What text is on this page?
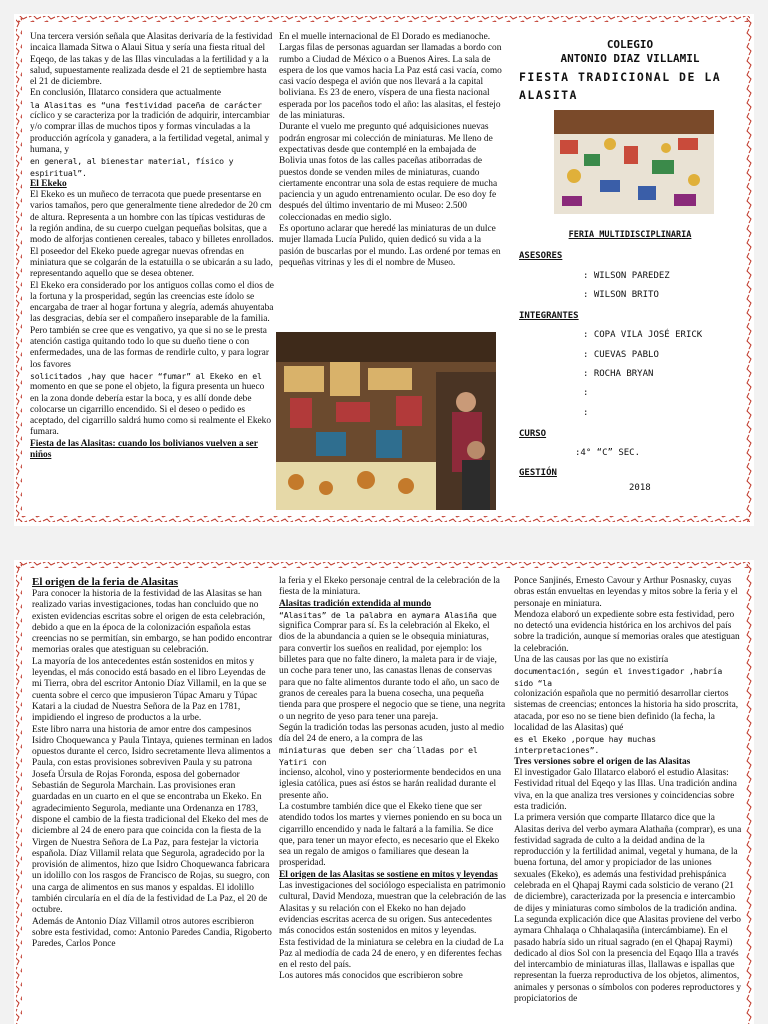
Una tercera versión señala que Alasitas derivaría de la festividad incaica llamada Sitwa o Alaui Situa y sería una fiesta ritual del Eqeqo, de las takas y de las Illas vinculadas a la fertilidad y a la salud, supuestamente realizada desde el 21 de septiembre hasta el 21 de diciembre.

En conclusión, Illatarco considera que actualmente

la Alasitas es “una festividad paceña de carácter

cíclico y se caracteriza por la tradición de adquirir, intercambiar y/o comprar illas de muchos tipos y formas vinculadas a la producción agrícola y ganadera, a la fertilidad vegetal, animal y humana, y

en general, al bienestar material, físico y espiritual”.

El Ekeko

El Ekeko es un muñeco de terracota que puede presentarse en varios tamaños, pero que generalmente tiene alrededor de 20 cm de altura. Representa a un hombre con las típicas vestiduras de la región andina, de su cuerpo cuelgan pequeñas bolsitas, que a modo de alforjas contienen cereales, tabaco y billetes enrollados. El poseedor del Ekeko puede agregar nuevas ofrendas en miniatura que se colgarán de la estatuilla o se ubicarán a su lado, representando aquello que se desea obtener.

El Ekeko era considerado por los antiguos collas como el dios de la fortuna y la prosperidad, según las creencias este ídolo se encargaba de traer al hogar fortuna y alegría, además ahuyentaba las desgracias, debía ser el compañero inseparable de la familia. Pero también se cree que es vengativo, ya que si no se le presta atención castiga quitando todo lo que su dueño tiene o con enfermedades, una de las formas de rendirle culto, y para lograr los favores

solicitados ,hay que hacer “fumar” al Ekeko en el

momento en que se pone el objeto, la figura presenta un hueco en la zona donde debería estar la boca, y es allí donde debe colocarse un cigarrillo encendido. Si el deseo o pedido es aceptado, del cigarrillo saldrá humo como si realmente el Ekeko fumara.

Fiesta de las Alasitas: cuando los bolivianos vuelven a ser niños

En el muelle internacional de El Dorado es medianoche. Largas filas de personas aguardan ser llamadas a bordo con rumbo a Ciudad de México o a Buenos Aires. La sala de espera de los que vamos hacia La Paz está casi vacía, como casi vacío despega el avión que nos llevará a la capital boliviana. Es 23 de enero, víspera de una fiesta nacional esperada por los paceños todo el año: las alasitas, el festejo de las miniaturas.

Durante el vuelo me pregunto qué adquisiciones nuevas podrán engrosar mi colección de miniaturas. Me lleno de expectativas desde que contemplé en la embajada de Bolivia unas fotos de las calles paceñas atiborradas de puestos donde se venden miles de miniaturas, cuando ciertamente encontrar una sola de estas requiere de mucha paciencia y un agudo entrenamiento ocular. De eso doy fe después del último inventario de mi Museo: 2.500 coleccionadas en medio siglo.

Es oportuno aclarar que heredé las miniaturas de un dulce mujer llamada Lucía Pulido, quien dedicó su vida a la pasión de buscarlas por el mundo. Las ordené por temas en pequeñas vitrinas y les di el nombre de Museo.

COLEGIO
ANTONIO DIAZ VILLAMIL
FIESTA TRADICIONAL DE LA ALASITA
FERIA MULTIDISCIPLINARIA
ASESORES
: WILSON PAREDEZ
: WILSON BRITO
INTEGRANTES
: COPA VILA JOSÉ ERICK
: CUEVAS PABLO
: ROCHA BRYAN
:
:
CURSO
:4° “C” SEC.
GESTIÓN
2018

El origen de la feria de Alasitas

Para conocer la historia de la festividad de las Alasitas se han realizado varias investigaciones, todas han concluido que no existen evidencias escritas sobre el origen de esta celebración, debido a que en la época de la colonización española estas creencias no se permitían, sin embargo, se han podido encontrar memorias orales que atestiguan su celebración.

La mayoría de los antecedentes están sostenidos en mitos y leyendas, el más conocido está basado en el libro Leyendas de mi Tierra, obra del escritor Antonio Díaz Villamil, en la que se cuenta sobre el cerco que impusieron Túpac Amaru y Túpac Katari a la ciudad de Nuestra Señora de la Paz en 1781, impidiendo el ingreso de productos a la urbe.

Este libro narra una historia de amor entre dos campesinos Isidro Choquewanca y Paula Tintaya, quienes terminan en lados opuestos durante el cerco, Isidro secretamente lleva alimentos a Paula, con estas provisiones sobreviven Paula y su patrona Josefa Úrsula de Rojas Foronda, esposa del gobernador Sebastián de Segurola Marchain. Las provisiones eran guardadas en un cuarto en el que se encontraba un Ekeko. En agradecimiento Segurola, mediante una Ordenanza en 1783, dispone el cambio de la fiesta tradicional del Ekeko del mes de diciembre al 24 de enero para que coincida con la fiesta de la Virgen de Nuestra Señora de La Paz, para festejar la victoria española. Díaz Villamil relata que Segurola, agradecido por la provisión de alimentos, hizo que Isidro Choquewanca fabricara un idolillo con los rasgos de Francisco de Rojas, su suegro, con una carga de alimentos en sus manos y espaldas. El idolillo también circularía en el día de la festividad de La Paz, el 20 de octubre.

Además de Antonio Díaz Villamil otros autores escribieron sobre esta festividad, como: Antonio Paredes Candia, Rigoberto Paredes, Carlos Ponce

la feria y el Ekeko personaje central de la celebración de la fiesta de la miniatura.

Alasitas tradición extendida al mundo

“Alasitas” de la palabra en aymara Alasiña que

significa Comprar para sí. Es la celebración al Ekeko, el dios de la abundancia a quien se le obsequia miniaturas, para convertir los sueños en realidad, por ejemplo: los billetes para que no falte dinero, la maleta para ir de viaje, un coche para tener uno, las canastas llenas de conservas para que no falte alimentos durante todo el año, un saco de granos de cereales para la buena cosecha, una pequeña tienda para que prospere el negocio que se tiene, una negrita o un negrito de yeso para tener una pareja.

Según la tradición todas las personas acuden, justo al medio día del 24 de enero, a la compra de las

miniaturas que deben ser cha´lladas por el Yatiri con

incienso, alcohol, vino y posteriormente bendecidos en una iglesia católica, pues así éstos se harán realidad durante el presente año.

La costumbre también dice que el Ekeko tiene que ser atendido todos los martes y viernes poniendo en su boca un cigarrillo encendido y nada le faltará a la familia. Se dice que, para tener un mayor efecto, es necesario que el Ekeko sea un regalo de amigos o familiares que desean la prosperidad.

El origen de las Alasitas se sostiene en mitos y leyendas

Las investigaciones del sociólogo especialista en patrimonio cultural, David Mendoza, muestran que la celebración de las Alasitas y su relación con el Ekeko no han dejado evidencias escritas acerca de su origen. Sus antecedentes más conocidos están sostenidos en mitos y leyendas.

Esta festividad de la miniatura se celebra en la ciudad de La Paz al mediodía de cada 24 de enero, y en diferentes fechas en el resto del país.

Los autores más conocidos que escribieron sobre

Ponce Sanjinés, Ernesto Cavour y Arthur Posnasky, cuyas obras están envueltas en leyendas y mitos sobre la feria y el personaje en miniatura.

Mendoza elaboró un expediente sobre esta festividad, pero no detectó una evidencia histórica en los archivos del país sobre la tradición, aunque sí memorias orales que atestiguan la celebración.

Una de las causas por las que no existiría

documentación, según el investigador ,habría sido “la

colonización española que no permitió desarrollar ciertos sistemas de creencias; entonces la historia ha sido proscrita, atacada, por eso no se tiene bien definido (la fecha, la localidad de las Alasitas) qué

es el Ekeko ,porque hay muchas interpretaciones”.

Tres versiones sobre el origen de las Alasitas

El investigador Galo Illatarco elaboró el estudio Alasitas: Festividad ritual del Eqeqo y las Illas. Una tradición andina viva, en la que analiza tres versiones y coincidencias sobre esta tradición.

La primera versión que comparte Illatarco dice que la Alasitas deriva del verbo aymara Alathaña (comprar), es una festividad sagrada de culto a la deidad andina de la reproducción y la fertilidad animal, vegetal y humana, de la buena fortuna, del amor y propiciador de las uniones sexuales (Ekeko), es además una festividad prehispánica celebrada en el Qhapaj Raymi cada solsticio de verano (21 de diciembre), caracterizada por la presencia e intercambio de dijes y miniaturas como símbolos de la tradición andina.

La segunda explicación dice que Alasitas proviene del verbo aymara Chhalaqa o Chhalaqasiña (intercámbiame). En el pasado habría sido un ritual sagrado (en el Qhapaj Raymi) dedicado al dios Sol con la presencia del Eqaqo Illa a través del intercambio de miniaturas illas, llallawas e ispallas que representan la fuerza reproductiva de los objetos, alimentos, animales y personas o símbolos con poderes reproductores y propiciatorios de
